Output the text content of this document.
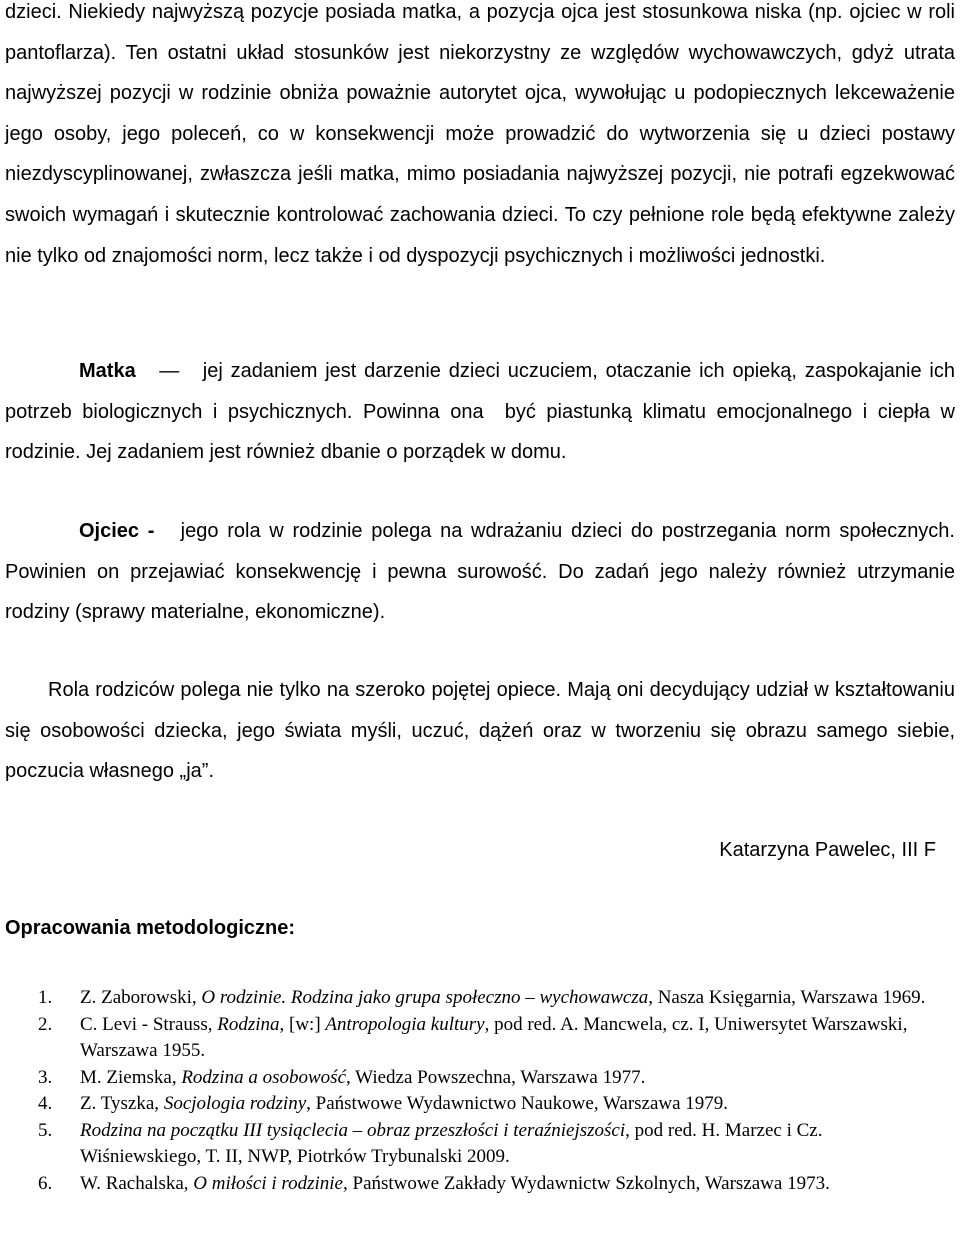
dzieci. Niekiedy najwyższą pozycje posiada matka, a pozycja ojca jest stosunkowa niska (np. ojciec w roli pantoflarza). Ten ostatni układ stosunków jest niekorzystny ze względów wychowawczych, gdyż utrata najwyższej pozycji w rodzinie obniża poważnie autorytet ojca, wywołując u podopiecznych lekceważenie jego osoby, jego poleceń, co w konsekwencji może prowadzić do wytworzenia się u dzieci postawy niezdyscyplinowanej, zwłaszcza jeśli matka, mimo posiadania najwyższej pozycji, nie potrafi egzekwować swoich wymagań i skutecznie kontrolować zachowania dzieci. To czy pełnione role będą efektywne zależy nie tylko od znajomości norm, lecz także i od dyspozycji psychicznych i możliwości jednostki.

Matka   —   jej zadaniem jest darzenie dzieci uczuciem, otaczanie ich opieką, zaspokajanie ich potrzeb biologicznych i psychicznych. Powinna ona  być piastunką klimatu emocjonalnego i ciepła w rodzinie. Jej zadaniem jest również dbanie o porządek w domu.

Ojciec -   jego rola w rodzinie polega na wdrażaniu dzieci do postrzegania norm społecznych. Powinien on przejawiać konsekwencję i pewna surowość. Do zadań jego należy również utrzymanie rodziny (sprawy materialne, ekonomiczne).

Rola rodziców polega nie tylko na szeroko pojętej opiece. Mają oni decydujący udział w kształtowaniu się osobowości dziecka, jego świata myśli, uczuć, dążeń oraz w tworzeniu się obrazu samego siebie, poczucia własnego „ja”.

Katarzyna Pawelec, III F

Opracowania metodologiczne:

1. Z. Zaborowski, O rodzinie. Rodzina jako grupa społeczno – wychowawcza, Nasza Księgarnia, Warszawa 1969.
2. C. Levi - Strauss, Rodzina, [w:] Antropologia kultury, pod red. A. Mancwela, cz. I, Uniwersytet Warszawski, Warszawa 1955.
3. M. Ziemska, Rodzina a osobowość, Wiedza Powszechna, Warszawa 1977.
4. Z. Tyszka, Socjologia rodziny, Państwowe Wydawnictwo Naukowe, Warszawa 1979.
5. Rodzina na początku III tysiąclecia – obraz przeszłości i teraźniejszości, pod red. H. Marzec i Cz. Wiśniewskiego, T. II, NWP, Piotrków Trybunalski 2009.
6. W. Rachalska, O miłości i rodzinie, Państwowe Zakłady Wydawnictw Szkolnych, Warszawa 1973.
